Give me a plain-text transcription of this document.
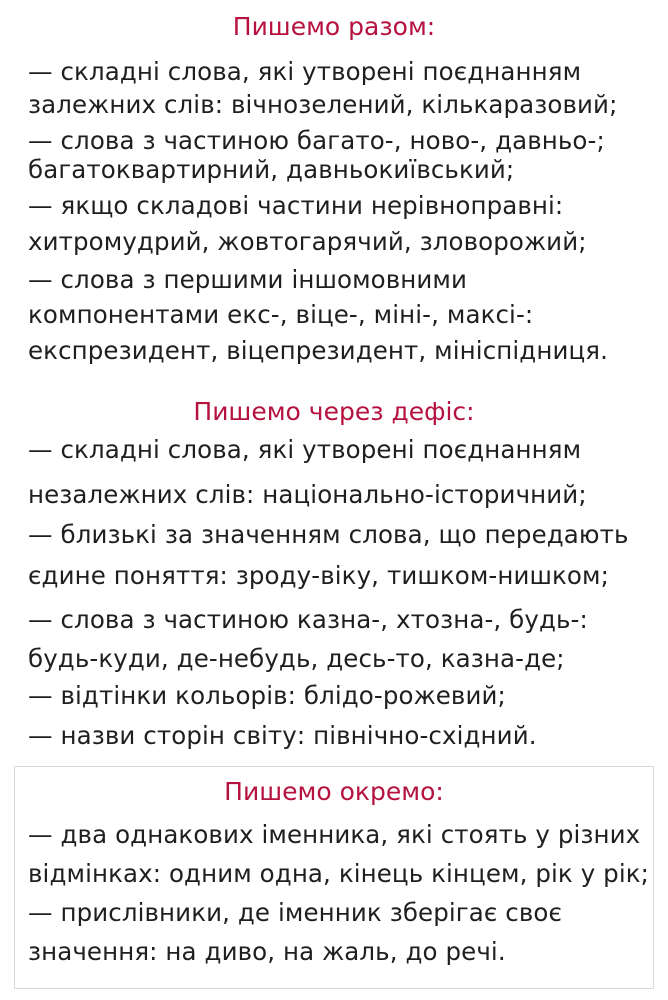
Пишемо разом:
— складні слова, які утворені поєднанням
залежних слів: вічнозелений, кількаразовий;
— слова з частиною багато-, ново-, давньо-;
багатоквартирний, давньокиївський;
— якщо складові частини нерівноправні:
хитромудрий, жовтогарячий, зловорожий;
— слова з першими іншомовними
компонентами екс-, віце-, міні-, максі-:
експрезидент, віцепрезидент, мініспідниця.
Пишемо через дефіс:
— складні слова, які утворені поєднанням
незалежних слів: національно-історичний;
— близькі за значенням слова, що передають
єдине поняття: зроду-віку, тишком-нишком;
— слова з частиною казна-, хтозна-, будь-:
будь-куди, де-небудь, десь-то, казна-де;
— відтінки кольорів: блідо-рожевий;
— назви сторін світу: північно-східний.
Пишемо окремо:
— два однакових іменника, які стоять у різних
відмінках: одним одна, кінець кінцем, рік у рік;
— прислівники, де іменник зберігає своє
значення: на диво, на жаль, до речі.
